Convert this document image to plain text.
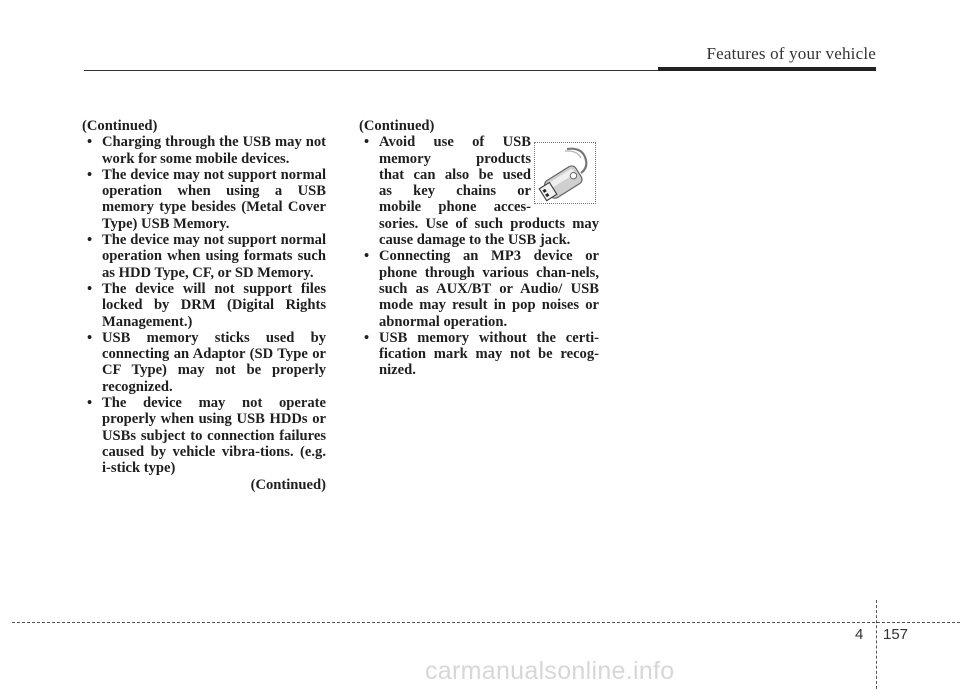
Features of your vehicle

(Continued)

• Charging through the USB may not work for some mobile devices.
• The device may not support normal operation when using a USB memory type besides (Metal Cover Type) USB Memory.
• The device may not support normal operation when using formats such as HDD Type, CF, or SD Memory.
• The device will not support files locked by DRM (Digital Rights Management.)
• USB memory sticks used by connecting an Adaptor (SD Type or CF Type) may not be properly recognized.
• The device may not operate properly when using USB HDDs or USBs subject to connection failures caused by vehicle vibra-tions. (e.g. i-stick type)

(Continued)

(Continued)

• Avoid use of USB
memory products
that can also be used
as key chains or
mobile phone acces-
sories. Use of such products may cause damage to the USB jack.
• Connecting an MP3 device or phone through various chan-nels, such as AUX/BT or Audio/ USB mode may result in pop noises or abnormal operation.
• USB memory without the certi-fication mark may not be recog-nized.
4 157
carmanualsonline.info
